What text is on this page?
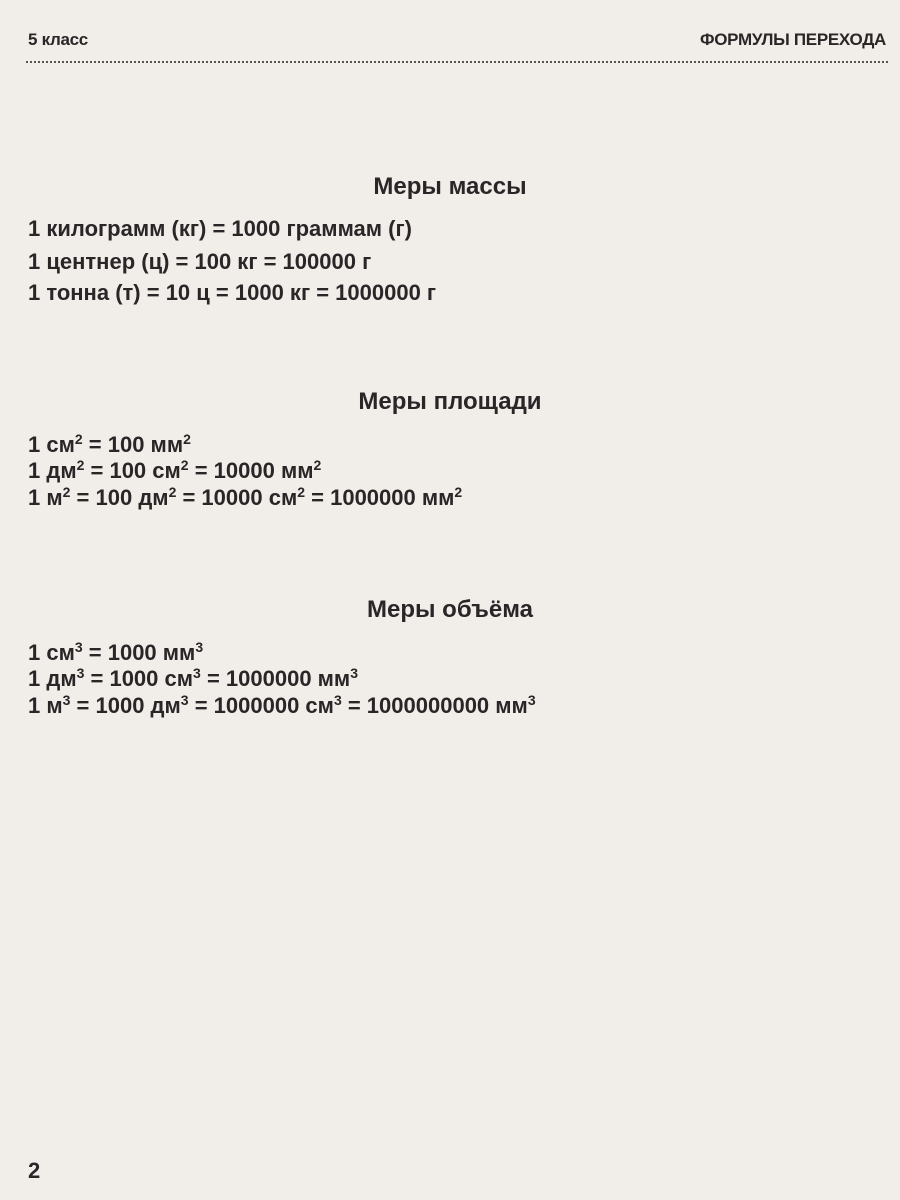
5 класс	ФОРМУЛЫ ПЕРЕХОДА
Меры массы
1 килограмм (кг) = 1000 граммам (г)
1 центнер (ц) = 100 кг = 100000 г
1 тонна (т) = 10 ц = 1000 кг = 1000000 г
Меры площади
1 $см^2 = 100$ $мм^2$
1 $дм^2 = 100$ $см^2 = 10000$ $мм^2$
1 $м^2 = 100$ $дм^2 = 10000$ $см^2 = 1000000$ $мм^2$
Меры объёма
1 $см^3 = 1000$ $мм^3$
1 $дм^3 = 1000$ $см^3 = 1000000$ $мм^3$
1 $м^3 = 1000$ $дм^3 = 1000000$ $см^3 = 1000000000$ $мм^3$
2
